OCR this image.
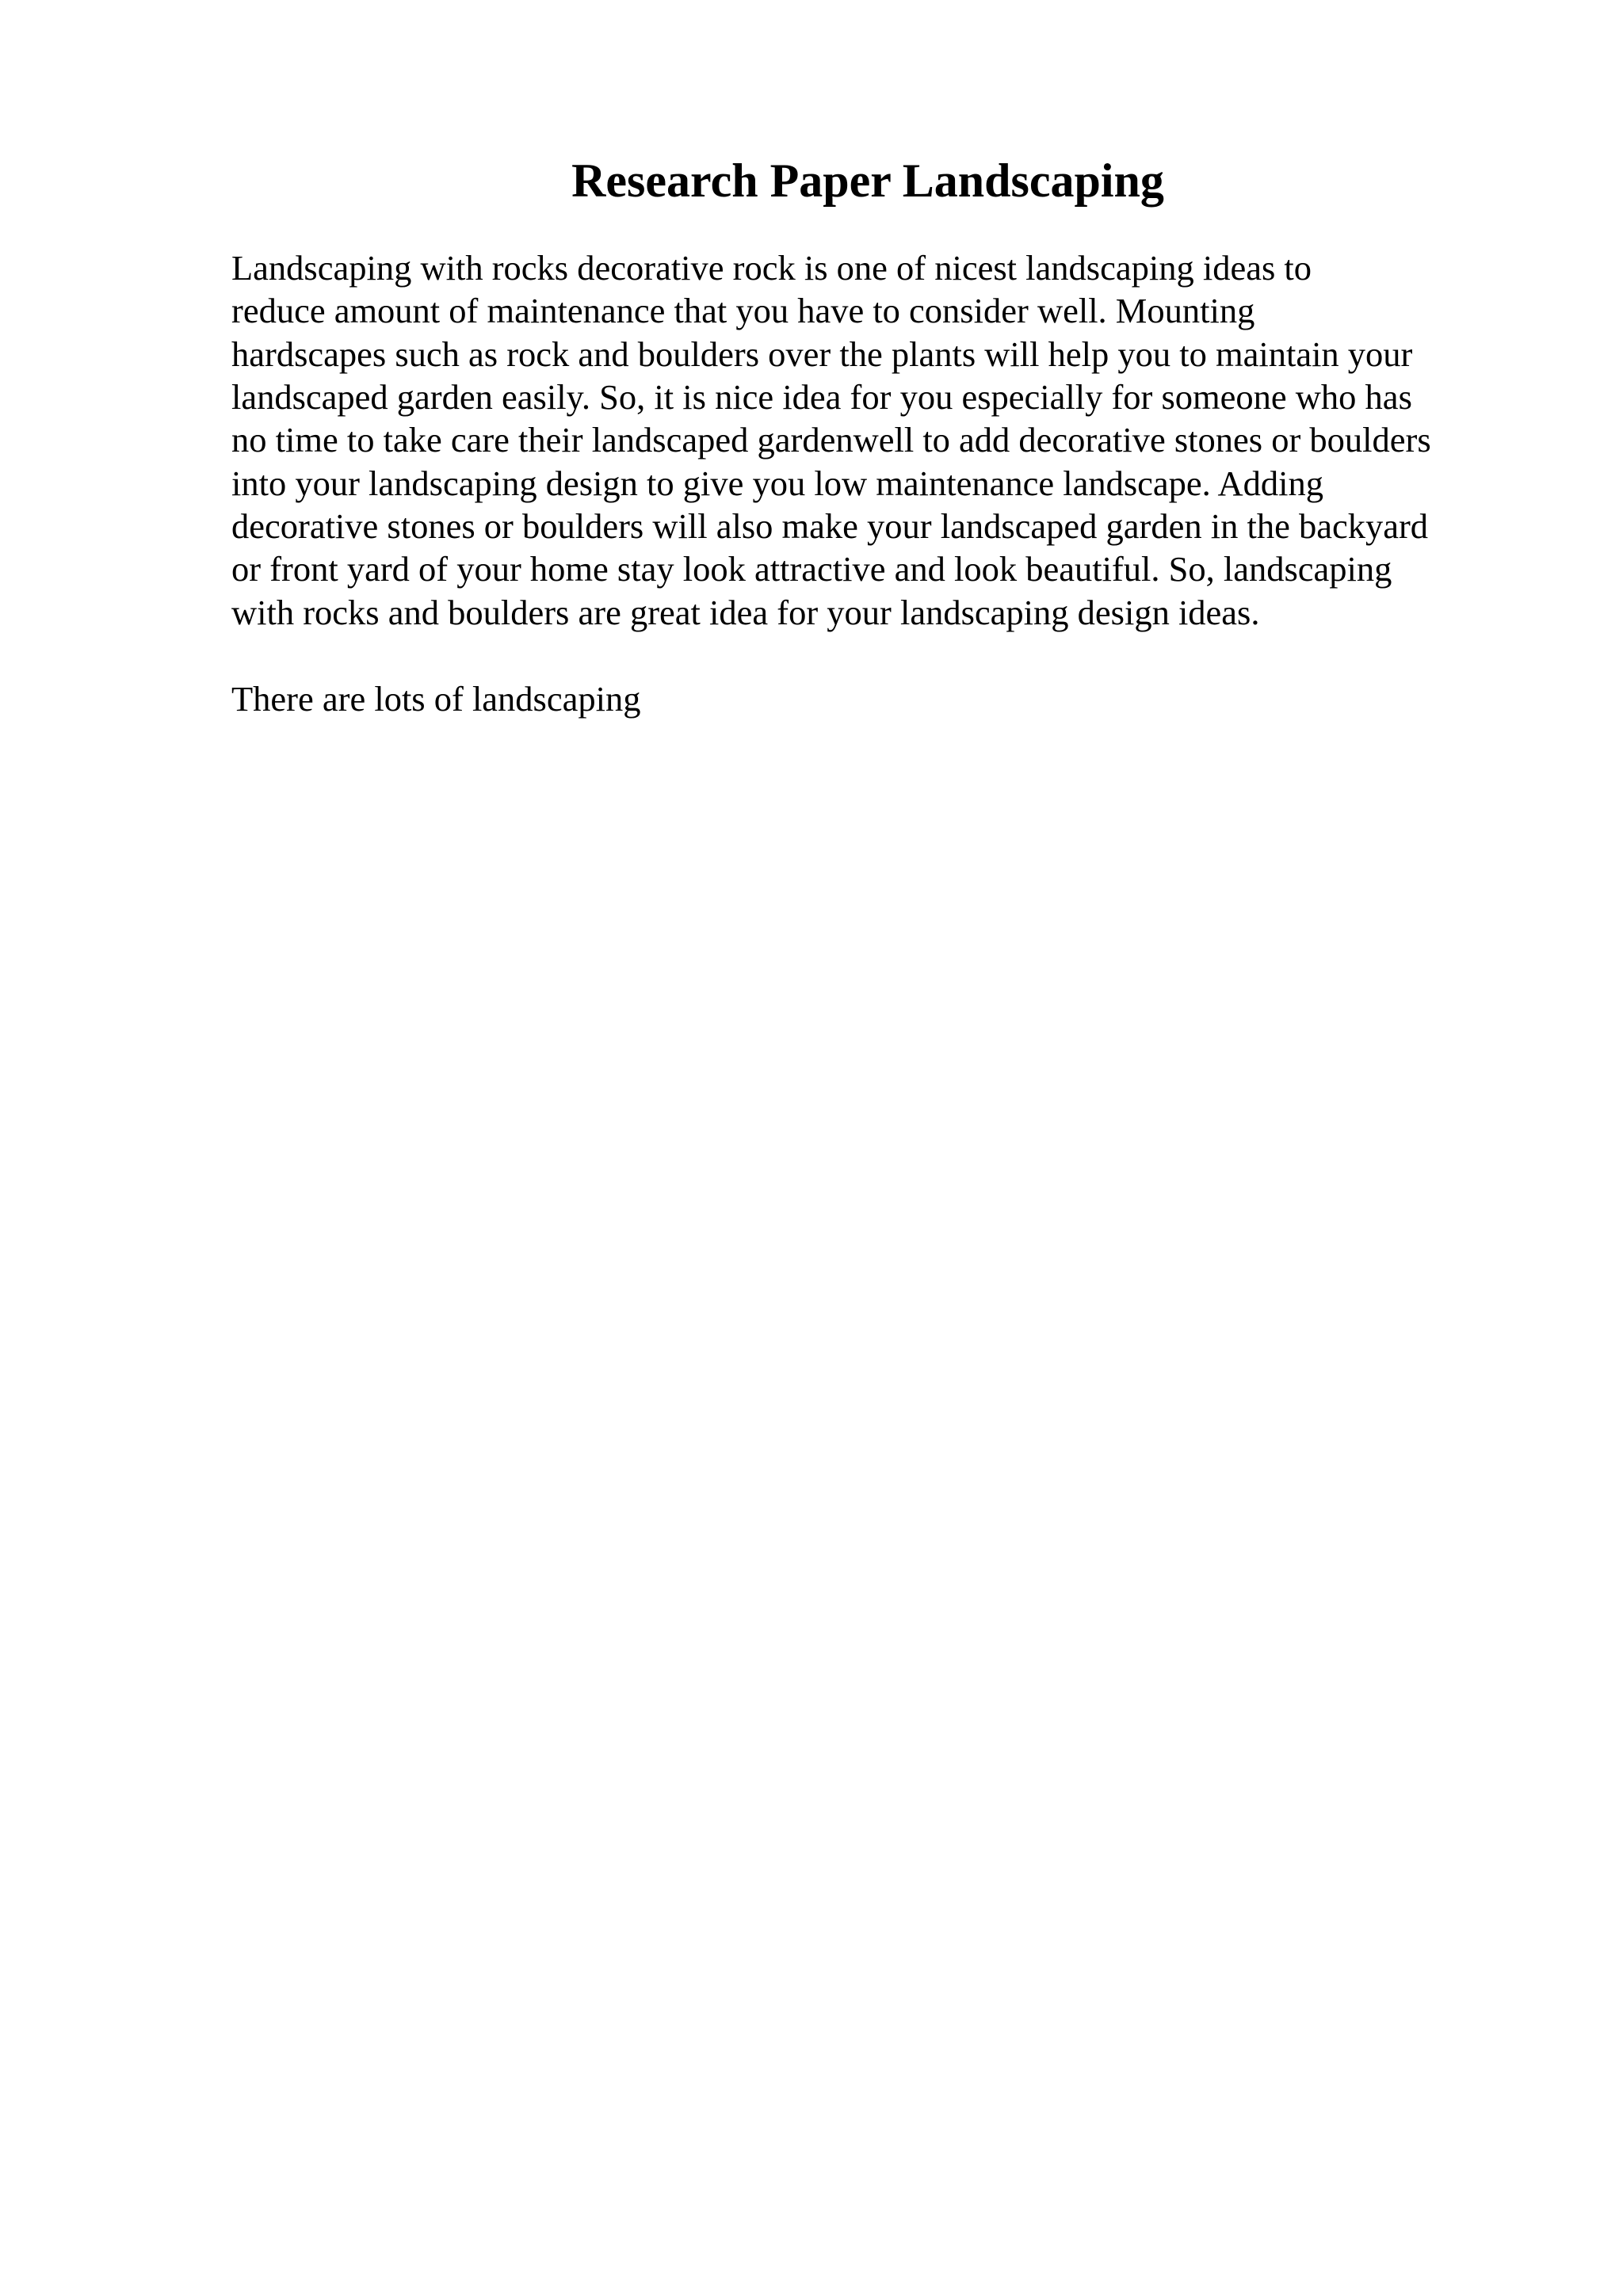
Research Paper Landscaping

Landscaping with rocks decorative rock is one of nicest landscaping ideas to

reduce amount of maintenance that you have to consider well. Mounting

hardscapes such as rock and boulders over the plants will help you to maintain your

landscaped garden easily. So, it is nice idea for you especially for someone who has

no time to take care their landscaped gardenwell to add decorative stones or boulders

into your landscaping design to give you low maintenance landscape. Adding

decorative stones or boulders will also make your landscaped garden in the backyard

or front yard of your home stay look attractive and look beautiful. So, landscaping

with rocks and boulders are great idea for your landscaping design ideas.

There are lots of landscaping
